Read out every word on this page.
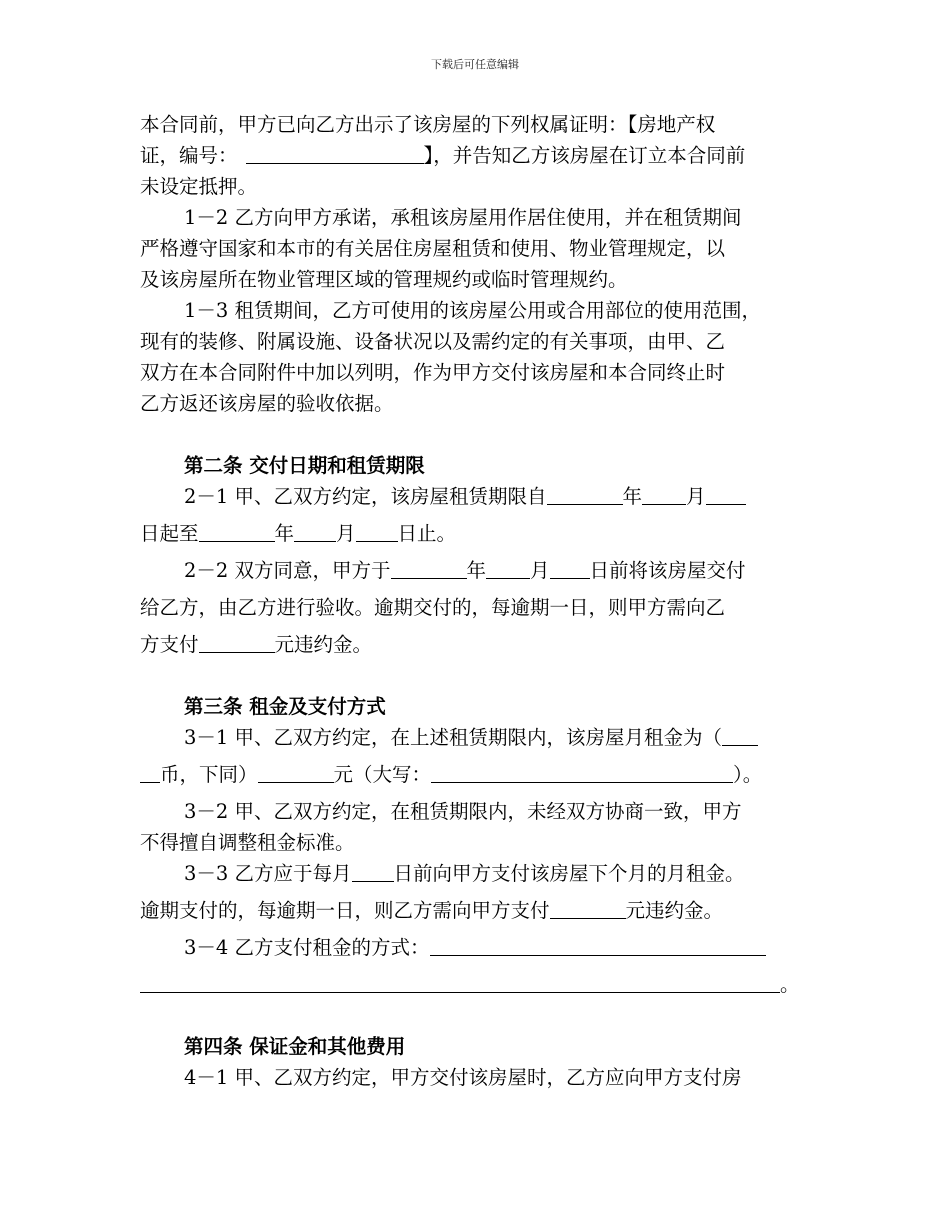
下载后可任意编辑
本合同前，甲方已向乙方出示了该房屋的下列权属证明：【房地产权
证，编号：	】，并告知乙方该房屋在订立本合同前
未设定抵押。
1－2 乙方向甲方承诺，承租该房屋用作居住使用，并在租赁期间
严格遵守国家和本市的有关居住房屋租赁和使用、物业管理规定，以
及该房屋所在物业管理区域的管理规约或临时管理规约。
1－3 租赁期间，乙方可使用的该房屋公用或合用部位的使用范围，
现有的装修、附属设施、设备状况以及需约定的有关事项，由甲、乙
双方在本合同附件中加以列明，作为甲方交付该房屋和本合同终止时
乙方返还该房屋的验收依据。
第二条 交付日期和租赁期限
2－1 甲、乙双方约定，该房屋租赁期限自	年 月
日起至	年 月 日止。
2－2 双方同意，甲方于	年 月 日前将该房屋交付
给乙方，由乙方进行验收。逾期交付的，每逾期一日，则甲方需向乙
方支付	元违约金。
第三条 租金及支付方式
3－1 甲、乙双方约定，在上述租赁期限内，该房屋月租金为（
币，下同）	元（大写：	）。
3－2 甲、乙双方约定，在租赁期限内，未经双方协商一致，甲方
不得擅自调整租金标准。
3－3 乙方应于每月 日前向甲方支付该房屋下个月的月租金。
逾期支付的，每逾期一日，则乙方需向甲方支付	元违约金。
3－4 乙方支付租金的方式：
。
第四条 保证金和其他费用
4－1 甲、乙双方约定，甲方交付该房屋时，乙方应向甲方支付房
